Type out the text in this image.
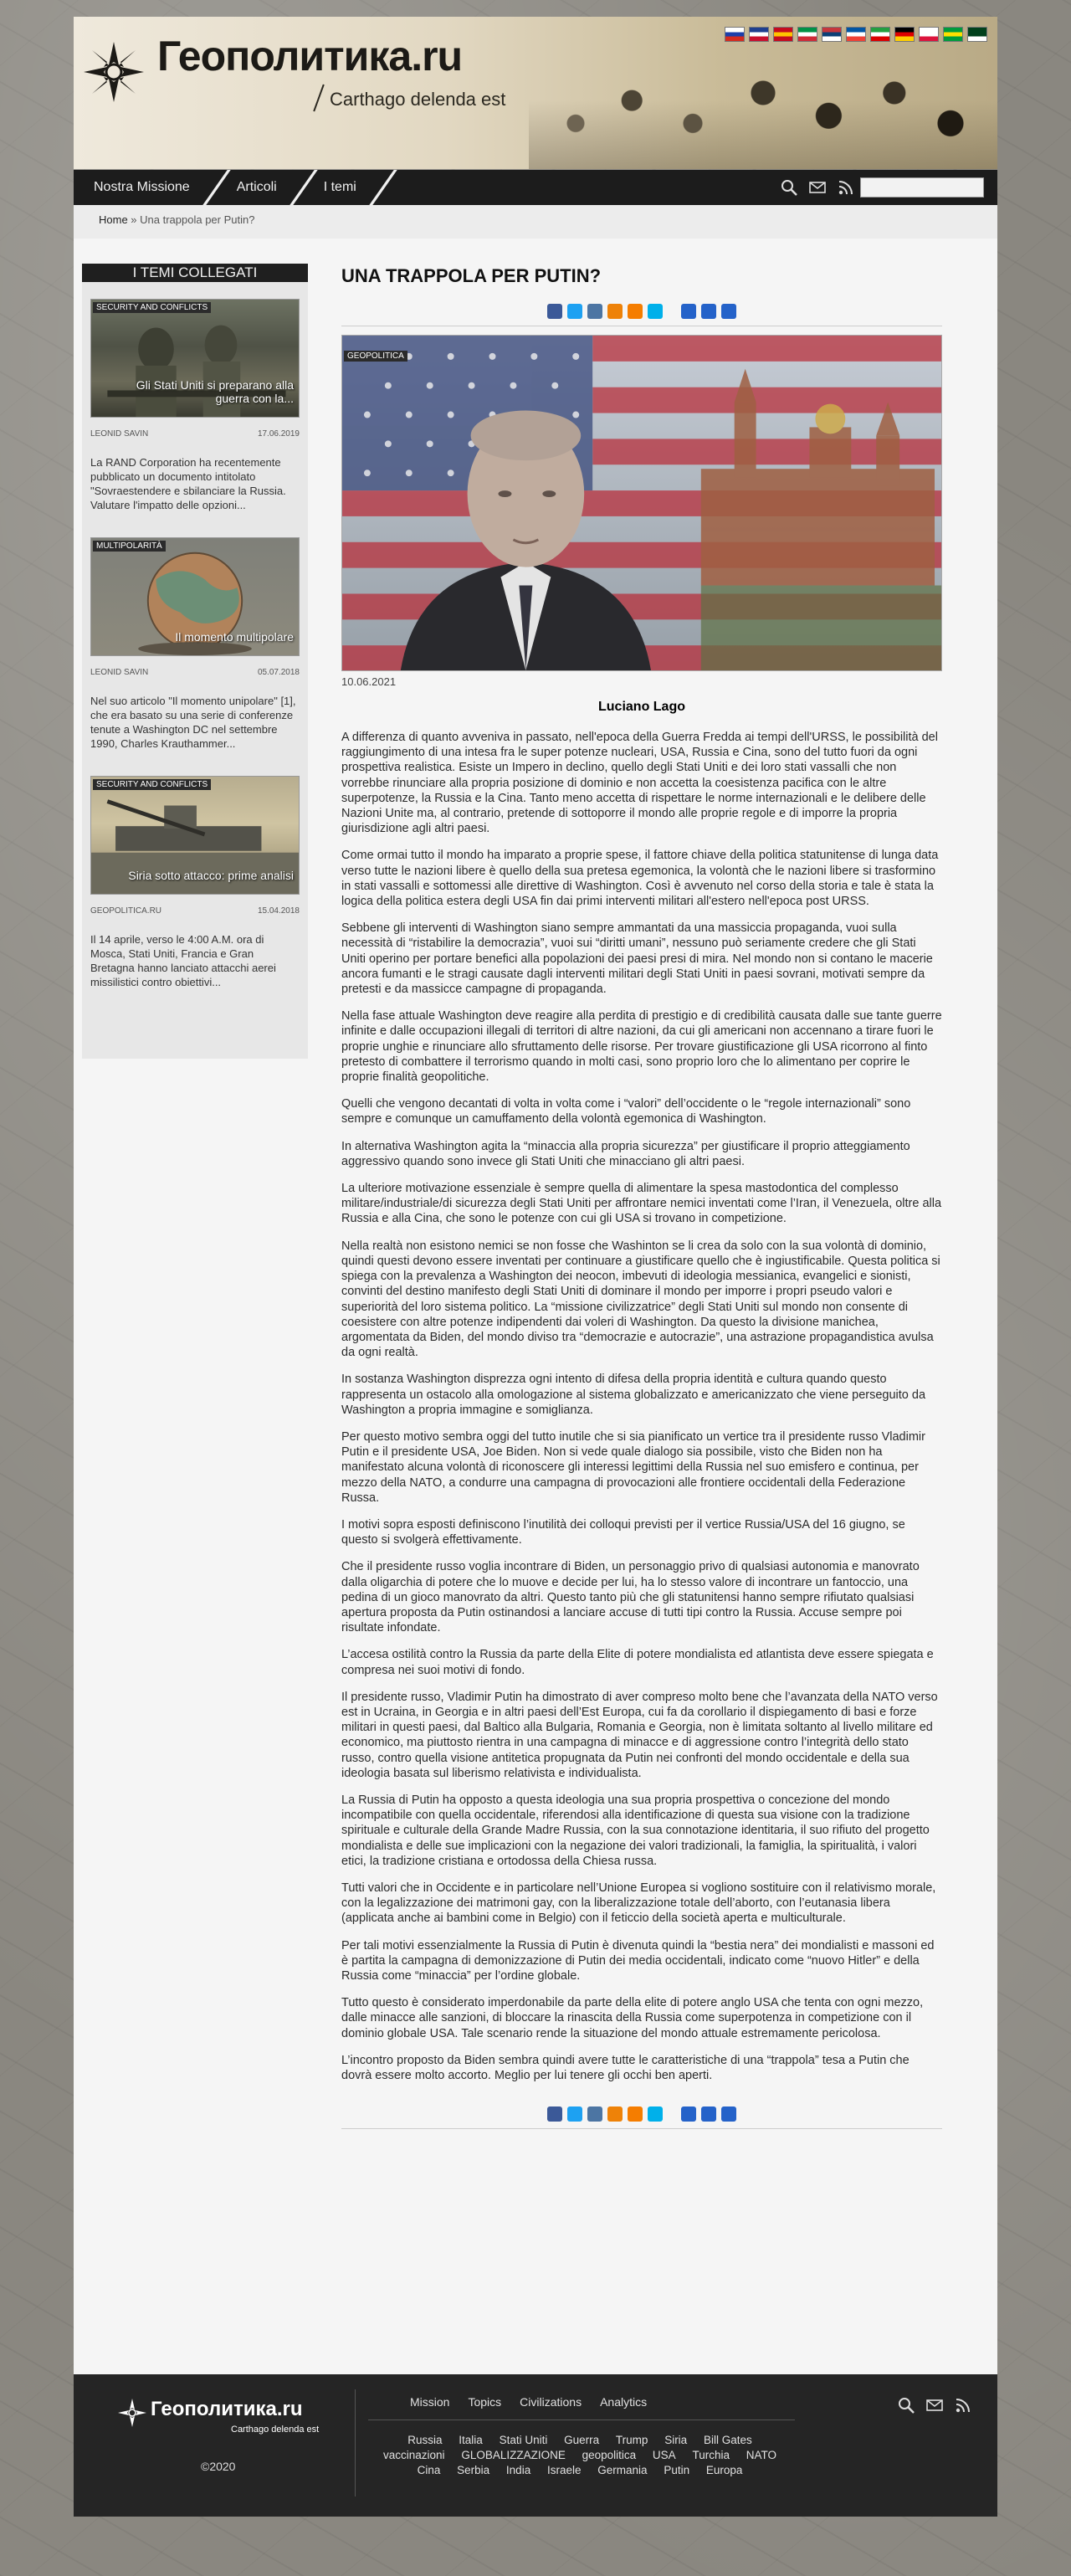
Геополитика.ru
Carthago delenda est
Nostra Missione	Articoli	I temi
Home » Una trappola per Putin?
I TEMI COLLEGATI
SECURITY AND CONFLICTS
Gli Stati Uniti si preparano alla guerra con la...
LEONID SAVIN	17.06.2019
La RAND Corporation ha recentemente pubblicato un documento intitolato "Sovraestendere e sbilanciare la Russia. Valutare l'impatto delle opzioni...
MULTIPOLARITÀ
Il momento multipolare
LEONID SAVIN	05.07.2018
Nel suo articolo "Il momento unipolare" [1], che era basato su una serie di conferenze tenute a Washington DC nel settembre 1990, Charles Krauthammer...
SECURITY AND CONFLICTS
Siria sotto attacco: prime analisi
GEOPOLITICA.RU	15.04.2018
Il 14 aprile, verso le 4:00 A.M. ora di Mosca, Stati Uniti, Francia e Gran Bretagna hanno lanciato attacchi aerei missilistici contro obiettivi...
UNA TRAPPOLA PER PUTIN?
GEOPOLITICA
10.06.2021
Luciano Lago

A differenza di quanto avveniva in passato, nell'epoca della Guerra Fredda ai tempi dell'URSS, le possibilità del raggiungimento di una intesa fra le super potenze nucleari, USA, Russia e Cina, sono del tutto fuori da ogni prospettiva realistica. Esiste un Impero in declino, quello degli Stati Uniti e dei loro stati vassalli che non vorrebbe rinunciare alla propria posizione di dominio e non accetta la coesistenza pacifica con le altre superpotenze, la Russia e la Cina. Tanto meno accetta di rispettare le norme internazionali e le delibere delle Nazioni Unite ma, al contrario, pretende di sottoporre il mondo alle proprie regole e di imporre la propria giurisdizione agli altri paesi.

Come ormai tutto il mondo ha imparato a proprie spese, il fattore chiave della politica statunitense di lunga data verso tutte le nazioni libere è quello della sua pretesa egemonica, la volontà che le nazioni libere si trasformino in stati vassalli e sottomessi alle direttive di Washington. Così è avvenuto nel corso della storia e tale è stata la logica della politica estera degli USA fin dai primi interventi militari all'estero nell'epoca post URSS.

Sebbene gli interventi di Washington siano sempre ammantati da una massiccia propaganda, vuoi sulla necessità di “ristabilire la democrazia”, vuoi sui “diritti umani”, nessuno può seriamente credere che gli Stati Uniti operino per portare benefici alla popolazioni dei paesi presi di mira. Nel mondo non si contano le macerie ancora fumanti e le stragi causate dagli interventi militari degli Stati Uniti in paesi sovrani, motivati sempre da pretesti e da massicce campagne di propaganda.

Nella fase attuale Washington deve reagire alla perdita di prestigio e di credibilità causata dalle sue tante guerre infinite e dalle occupazioni illegali di territori di altre nazioni, da cui gli americani non accennano a tirare fuori le proprie unghie e rinunciare allo sfruttamento delle risorse. Per trovare giustificazione gli USA ricorrono al finto pretesto di combattere il terrorismo quando in molti casi, sono proprio loro che lo alimentano per coprire le proprie finalità geopolitiche.

Quelli che vengono decantati di volta in volta come i “valori” dell’occidente o le “regole internazionali” sono sempre e comunque un camuffamento della volontà egemonica di Washington.

In alternativa Washington agita la “minaccia alla propria sicurezza” per giustificare il proprio atteggiamento aggressivo quando sono invece gli Stati Uniti che minacciano gli altri paesi.

La ulteriore motivazione essenziale è sempre quella di alimentare la spesa mastodontica del complesso militare/industriale/di sicurezza degli Stati Uniti per affrontare nemici inventati come l’Iran, il Venezuela, oltre alla Russia e alla Cina, che sono le potenze con cui gli USA si trovano in competizione.

Nella realtà non esistono nemici se non fosse che Washinton se li crea da solo con la sua volontà di dominio, quindi questi devono essere inventati per continuare a giustificare quello che è ingiustificabile. Questa politica si spiega con la prevalenza a Washington dei neocon, imbevuti di ideologia messianica, evangelici e sionisti, convinti del destino manifesto degli Stati Uniti di dominare il mondo per imporre i propri pseudo valori e superiorità del loro sistema politico. La “missione civilizzatrice” degli Stati Uniti sul mondo non consente di coesistere con altre potenze indipendenti dai voleri di Washington. Da questo la divisione manichea, argomentata da Biden, del mondo diviso tra “democrazie e autocrazie”, una astrazione propagandistica avulsa da ogni realtà.

In sostanza Washington disprezza ogni intento di difesa della propria identità e cultura quando questo rappresenta un ostacolo alla omologazione al sistema globalizzato e americanizzato che viene perseguito da Washington a propria immagine e somiglianza.

Per questo motivo sembra oggi del tutto inutile che si sia pianificato un vertice tra il presidente russo Vladimir Putin e il presidente USA, Joe Biden. Non si vede quale dialogo sia possibile, visto che Biden non ha manifestato alcuna volontà di riconoscere gli interessi legittimi della Russia nel suo emisfero e continua, per mezzo della NATO, a condurre una campagna di provocazioni alle frontiere occidentali della Federazione Russa.

I motivi sopra esposti definiscono l’inutilità dei colloqui previsti per il vertice Russia/USA del 16 giugno, se questo si svolgerà effettivamente.

Che il presidente russo voglia incontrare di Biden, un personaggio privo di qualsiasi autonomia e manovrato dalla oligarchia di potere che lo muove e decide per lui, ha lo stesso valore di incontrare un fantoccio, una pedina di un gioco manovrato da altri. Questo tanto più che gli statunitensi hanno sempre rifiutato qualsiasi apertura proposta da Putin ostinandosi a lanciare accuse di tutti tipi contro la Russia. Accuse sempre poi risultate infondate.

L’accesa ostilità contro la Russia da parte della Elite di potere mondialista ed atlantista deve essere spiegata e compresa nei suoi motivi di fondo.

Il presidente russo, Vladimir Putin ha dimostrato di aver compreso molto bene che l’avanzata della NATO verso est in Ucraina, in Georgia e in altri paesi dell’Est Europa, cui fa da corollario il dispiegamento di basi e forze militari in questi paesi, dal Baltico alla Bulgaria, Romania e Georgia, non è limitata soltanto al livello militare ed economico, ma piuttosto rientra in una campagna di minacce e di aggressione contro l’integrità dello stato russo, contro quella visione antitetica propugnata da Putin nei confronti del mondo occidentale e della sua ideologia basata sul liberismo relativista e individualista.

La Russia di Putin ha opposto a questa ideologia una sua propria prospettiva o concezione del mondo incompatibile con quella occidentale, riferendosi alla identificazione di questa sua visione con la tradizione spirituale e culturale della Grande Madre Russia, con la sua connotazione identitaria, il suo rifiuto del progetto mondialista e delle sue implicazioni con la negazione dei valori tradizionali, la famiglia, la spiritualità, i valori etici, la tradizione cristiana e ortodossa della Chiesa russa.

Tutti valori che in Occidente e in particolare nell’Unione Europea si vogliono sostituire con il relativismo morale, con la legalizzazione dei matrimoni gay, con la liberalizzazione totale dell’aborto, con l’eutanasia libera (applicata anche ai bambini come in Belgio) con il feticcio della società aperta e multiculturale.

Per tali motivi essenzialmente la Russia di Putin è divenuta quindi la “bestia nera” dei mondialisti e massoni ed è partita la campagna di demonizzazione di Putin dei media occidentali, indicato come “nuovo Hitler” e della Russia come “minaccia” per l’ordine globale.

Tutto questo è considerato imperdonabile da parte della elite di potere anglo USA che tenta con ogni mezzo, dalle minacce alle sanzioni, di bloccare la rinascita della Russia come superpotenza in competizione con il dominio globale USA. Tale scenario rende la situazione del mondo attuale estremamente pericolosa.

L’incontro proposto da Biden sembra quindi avere tutte le caratteristiche di una “trappola” tesa a Putin che dovrà essere molto accorto. Meglio per lui tenere gli occhi ben aperti.

Геополитика.ru
Carthago delenda est
©2020
Mission Topics Civilizations Analytics
Russia Italia Stati Uniti Guerra Trump Siria Bill Gates vaccinazioni GLOBALIZZAZIONE geopolitica USA Turchia NATO Cina Serbia India Israele Germania Putin Europa
